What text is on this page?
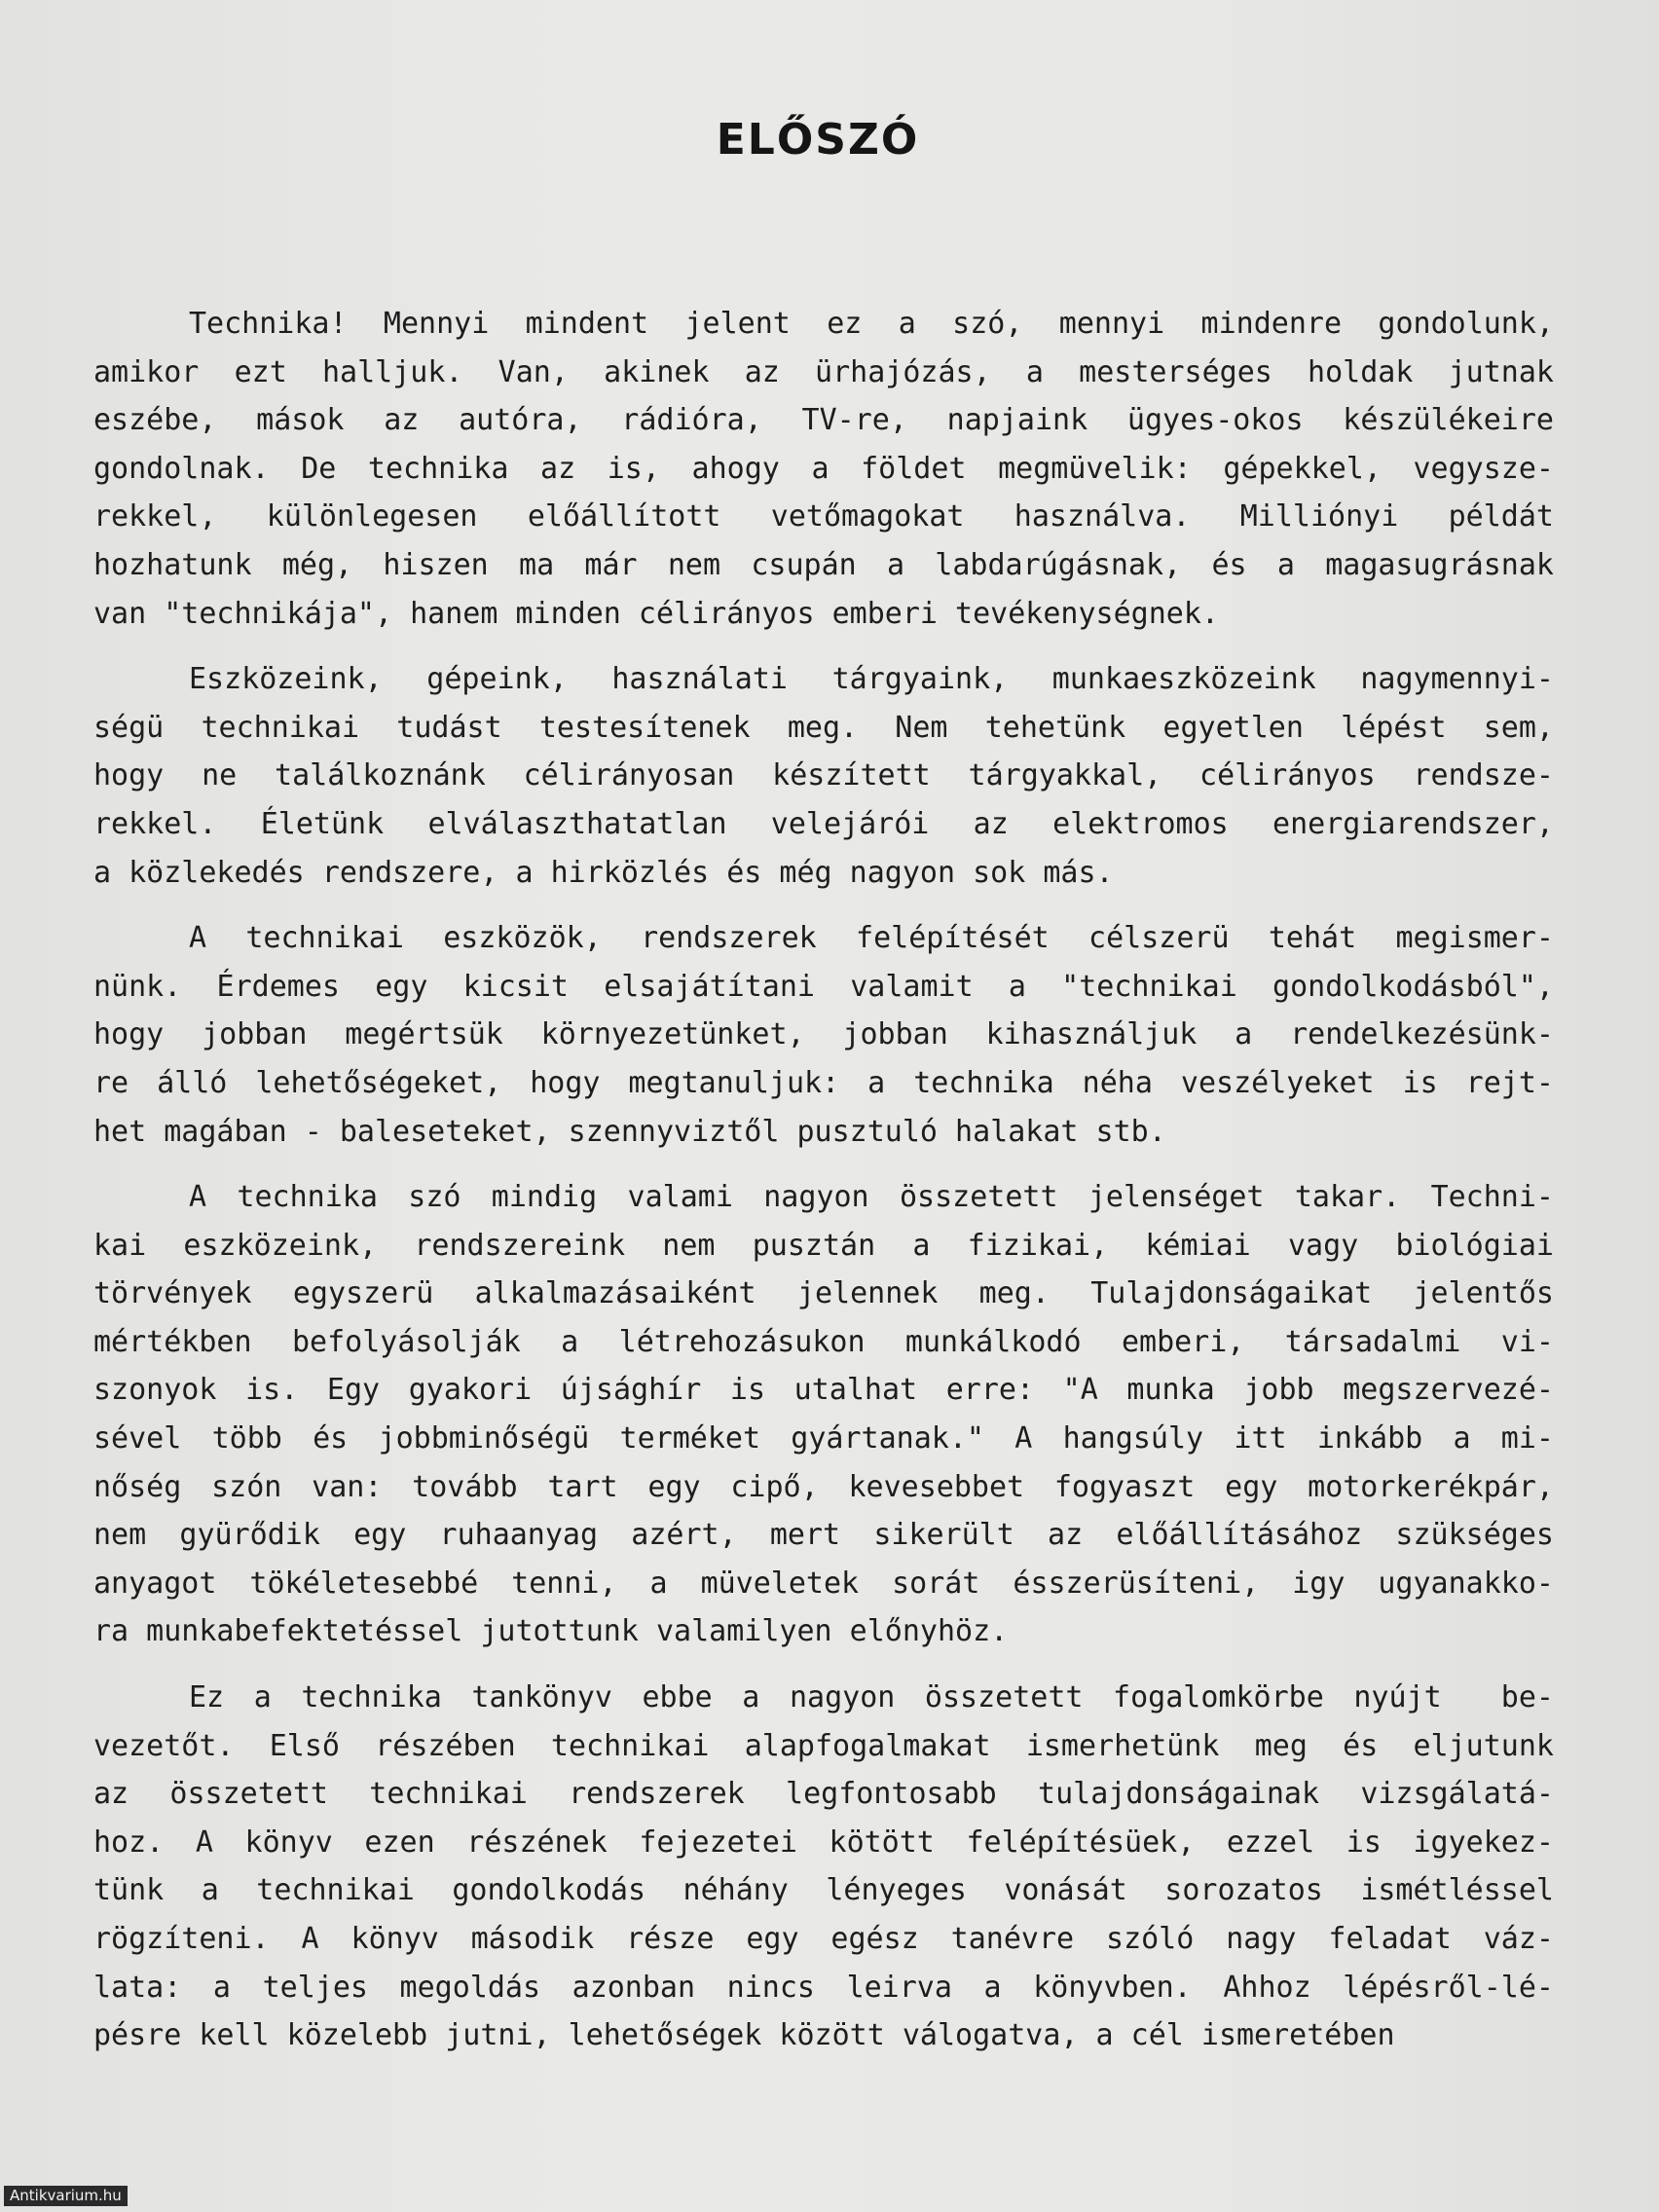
ELŐSZÓ
Technika! Mennyi mindent jelent ez a szó, mennyi mindenre gondolunk,
amikor ezt halljuk. Van, akinek az ürhajózás, a mesterséges holdak jutnak
eszébe, mások az autóra, rádióra, TV-re, napjaink ügyes-okos készülékeire
gondolnak. De technika az is, ahogy a földet megmüvelik: gépekkel, vegysze-
rekkel, különlegesen előállított vetőmagokat használva. Milliónyi példát
hozhatunk még, hiszen ma már nem csupán a labdarúgásnak, és a magasugrásnak
van "technikája", hanem minden célirányos emberi tevékenységnek.
Eszközeink, gépeink, használati tárgyaink, munkaeszközeink nagymennyi-
ségü technikai tudást testesítenek meg. Nem tehetünk egyetlen lépést sem,
hogy ne találkoznánk célirányosan készített tárgyakkal, célirányos rendsze-
rekkel. Életünk elválaszthatatlan velejárói az elektromos energiarendszer,
a közlekedés rendszere, a hirközlés és még nagyon sok más.
A technikai eszközök, rendszerek felépítését célszerü tehát megismer-
nünk. Érdemes egy kicsit elsajátítani valamit a "technikai gondolkodásból",
hogy jobban megértsük környezetünket, jobban kihasználjuk a rendelkezésünk-
re álló lehetőségeket, hogy megtanuljuk: a technika néha veszélyeket is rejt-
het magában - baleseteket, szennyviztől pusztuló halakat stb.
A technika szó mindig valami nagyon összetett jelenséget takar. Techni-
kai eszközeink, rendszereink nem pusztán a fizikai, kémiai vagy biológiai
törvények egyszerü alkalmazásaiként jelennek meg. Tulajdonságaikat jelentős
mértékben befolyásolják a létrehozásukon munkálkodó emberi, társadalmi vi-
szonyok is. Egy gyakori újsághír is utalhat erre: "A munka jobb megszervezé-
sével több és jobbminőségü terméket gyártanak." A hangsúly itt inkább a mi-
nőség szón van: tovább tart egy cipő, kevesebbet fogyaszt egy motorkerékpár,
nem gyürődik egy ruhaanyag azért, mert sikerült az előállításához szükséges
anyagot tökéletesebbé tenni, a müveletek sorát ésszerüsíteni, igy ugyanakko-
ra munkabefektetéssel jutottunk valamilyen előnyhöz.
Ez a technika tankönyv ebbe a nagyon összetett fogalomkörbe nyújt  be-
vezetőt. Első részében technikai alapfogalmakat ismerhetünk meg és eljutunk
az összetett technikai rendszerek legfontosabb tulajdonságainak vizsgálatá-
hoz. A könyv ezen részének fejezetei kötött felépítésüek, ezzel is igyekez-
tünk a technikai gondolkodás néhány lényeges vonását sorozatos ismétléssel
rögzíteni. A könyv második része egy egész tanévre szóló nagy feladat váz-
lata: a teljes megoldás azonban nincs leirva a könyvben. Ahhoz lépésről-lé-
pésre kell közelebb jutni, lehetőségek között válogatva, a cél ismeretében
Antikvarium.hu
